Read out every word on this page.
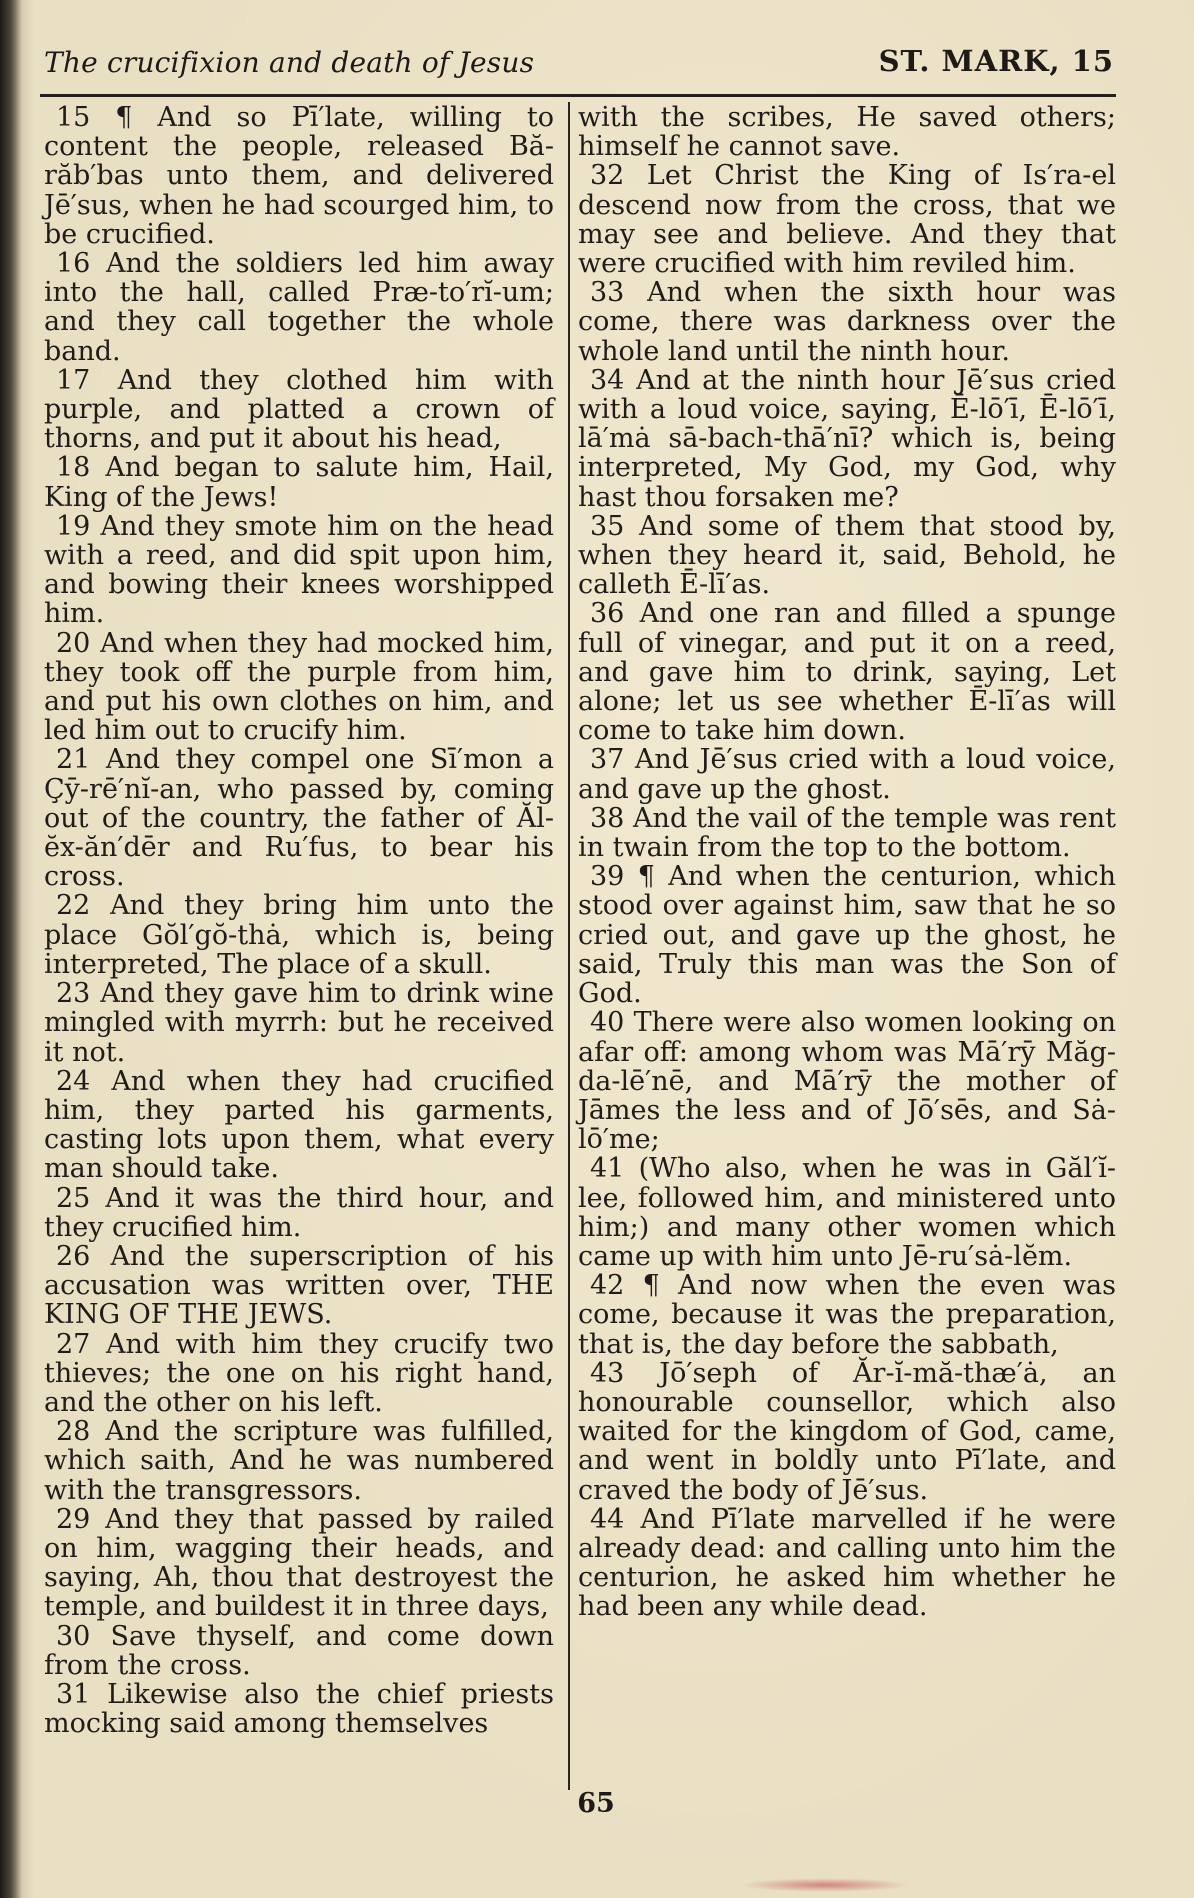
The crucifixion and death of Jesus	ST. MARK, 15

15 ¶ And so Pī′late, willing to content the people, released Bă-răb′bas unto them, and delivered Jē′sus, when he had scourged him, to be crucified.

16 And the soldiers led him away into the hall, called Præ-to′rĭ-um; and they call together the whole band.

17 And they clothed him with purple, and platted a crown of thorns, and put it about his head,

18 And began to salute him, Hail, King of the Jews!

19 And they smote him on the head with a reed, and did spit upon him, and bowing their knees worshipped him.

20 And when they had mocked him, they took off the purple from him, and put his own clothes on him, and led him out to crucify him.

21 And they compel one Sī′mon a Çȳ-rē′nĭ-an, who passed by, coming out of the country, the father of Ăl-ĕx-ăn′dēr and Ru′fus, to bear his cross.

22 And they bring him unto the place Gŏl′gŏ-thȧ, which is, being interpreted, The place of a skull.

23 And they gave him to drink wine mingled with myrrh: but he received it not.

24 And when they had crucified him, they parted his garments, casting lots upon them, what every man should take.

25 And it was the third hour, and they crucified him.

26 And the superscription of his accusation was written over, THE KING OF THE JEWS.

27 And with him they crucify two thieves; the one on his right hand, and the other on his left.

28 And the scripture was fulfilled, which saith, And he was numbered with the transgressors.

29 And they that passed by railed on him, wagging their heads, and saying, Ah, thou that destroyest the temple, and buildest it in three days,

30 Save thyself, and come down from the cross.

31 Likewise also the chief priests mocking said among themselves

with the scribes, He saved others; himself he cannot save.

32 Let Christ the King of Is′ra-el descend now from the cross, that we may see and believe. And they that were crucified with him reviled him.

33 And when the sixth hour was come, there was darkness over the whole land until the ninth hour.

34 And at the ninth hour Jē′sus cried with a loud voice, saying, Ē-lō′ī, Ē-lō′ī, lā′mȧ sā-bach-thā′nī? which is, being interpreted, My God, my God, why hast thou forsaken me?

35 And some of them that stood by, when they heard it, said, Behold, he calleth Ē-lī′as.

36 And one ran and filled a spunge full of vinegar, and put it on a reed, and gave him to drink, saying, Let alone; let us see whether Ē-lī′as will come to take him down.

37 And Jē′sus cried with a loud voice, and gave up the ghost.

38 And the vail of the temple was rent in twain from the top to the bottom.

39 ¶ And when the centurion, which stood over against him, saw that he so cried out, and gave up the ghost, he said, Truly this man was the Son of God.

40 There were also women looking on afar off: among whom was Mā′rȳ Măg-da-lē′nē, and Mā′rȳ the mother of Jāmes the less and of Jō′sēs, and Sȧ-lō′me;

41 (Who also, when he was in Găl′ĭ-lee, followed him, and ministered unto him;) and many other women which came up with him unto Jē-ru′sȧ-lĕm.

42 ¶ And now when the even was come, because it was the preparation, that is, the day before the sabbath,

43 Jō′seph of Ăr-ĭ-mă-thæ′ȧ, an honourable counsellor, which also waited for the kingdom of God, came, and went in boldly unto Pī′late, and craved the body of Jē′sus.

44 And Pī′late marvelled if he were already dead: and calling unto him the centurion, he asked him whether he had been any while dead.

65
